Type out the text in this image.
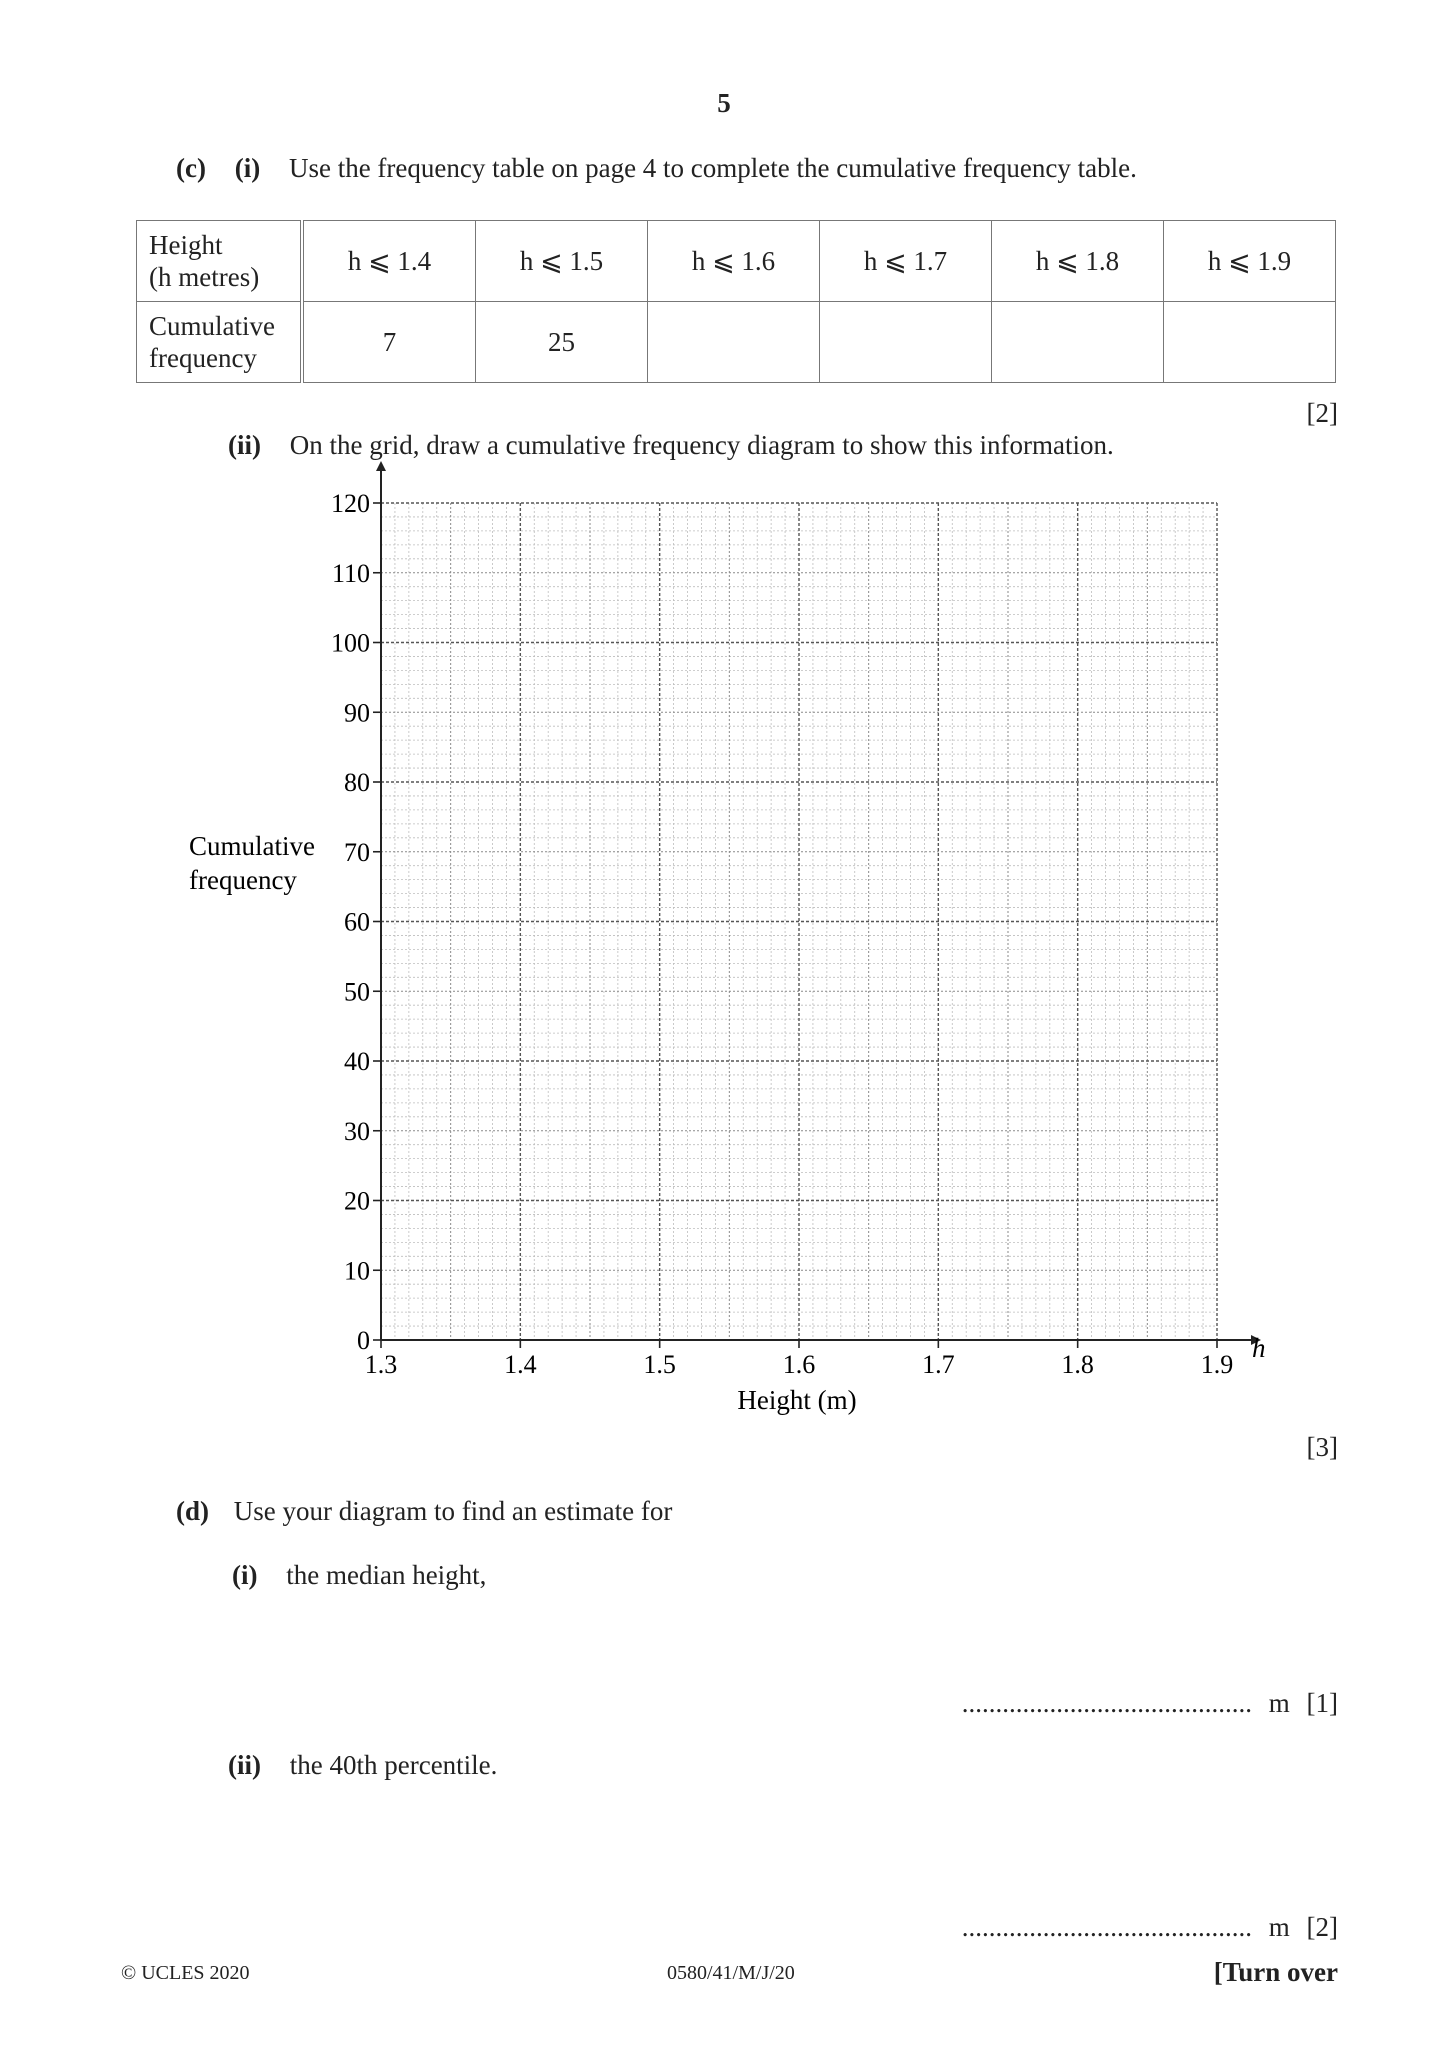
5
(c) (i) Use the frequency table on page 4 to complete the cumulative frequency table.
Height
(h metres)	h ⩽ 1.4	h ⩽ 1.5	h ⩽ 1.6	h ⩽ 1.7	h ⩽ 1.8	h ⩽ 1.9

Cumulative
frequency	7	25				
[2]
(ii) On the grid, draw a cumulative frequency diagram to show this information.
0
10
20
30
40
50
60
70
80
90
100
110
120
1.3	1.4	1.5	1.6	1.7	1.8	1.9
h
Height (m)
Cumulative
frequency
[3]
(d) Use your diagram to find an estimate for
(i) the median height,
........................................... m [1]
(ii) the 40th percentile.
........................................... m [2]
© UCLES 2020	0580/41/M/J/20	[Turn over
